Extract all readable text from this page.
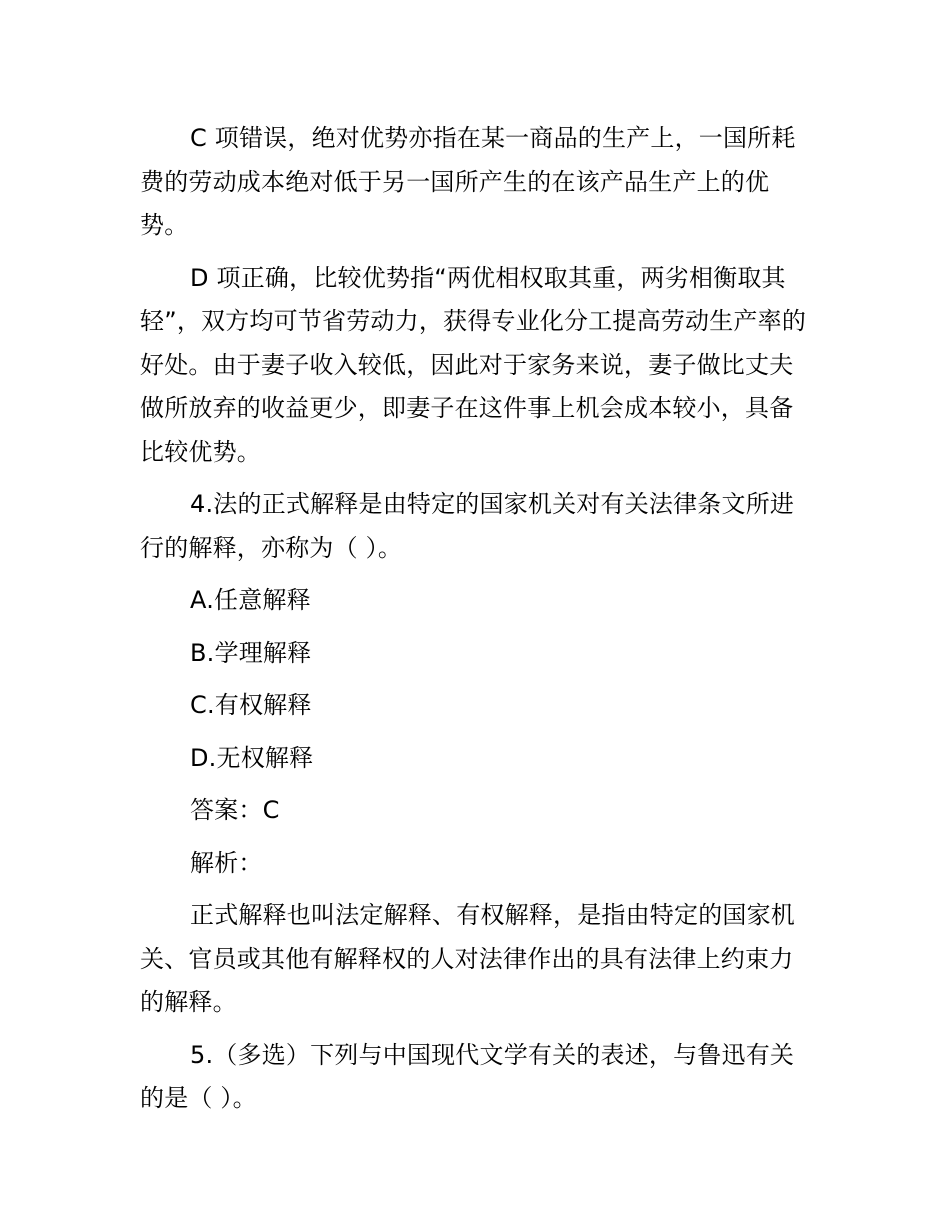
C 项错误，绝对优势亦指在某一商品的生产上，一国所耗费的劳动成本绝对低于另一国所产生的在该产品生产上的优势。

D 项正确，比较优势指“两优相权取其重，两劣相衡取其轻”，双方均可节省劳动力，获得专业化分工提高劳动生产率的好处。由于妻子收入较低，因此对于家务来说，妻子做比丈夫做所放弃的收益更少，即妻子在这件事上机会成本较小，具备比较优势。

4.法的正式解释是由特定的国家机关对有关法律条文所进行的解释，亦称为（ ）。

A.任意解释

B.学理解释

C.有权解释

D.无权解释

答案：C

解析：

正式解释也叫法定解释、有权解释，是指由特定的国家机关、官员或其他有解释权的人对法律作出的具有法律上约束力的解释。

5.（多选）下列与中国现代文学有关的表述，与鲁迅有关的是（ ）。
